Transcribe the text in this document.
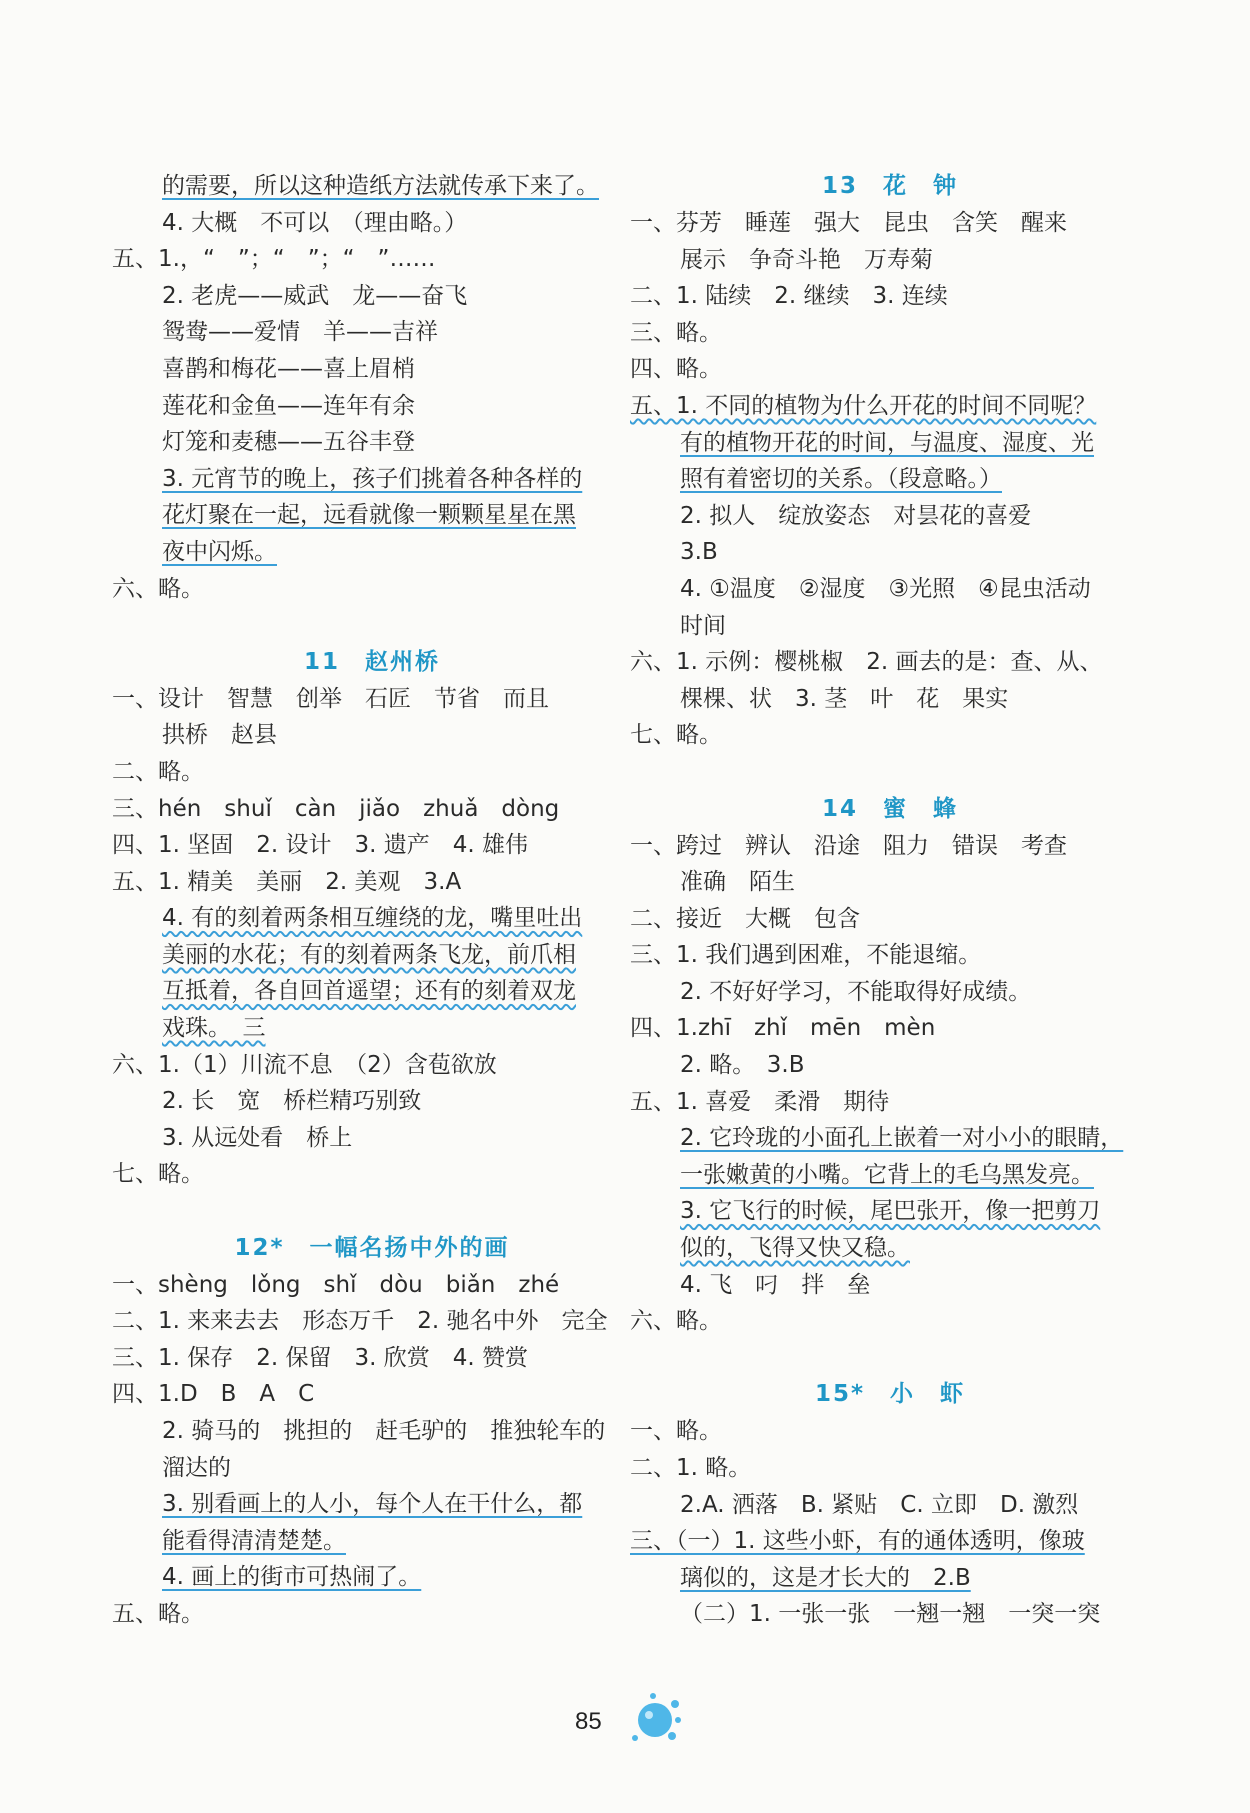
的需要，所以这种造纸方法就传承下来了。
4. 大概　不可以　（理由略。）
五、1.，“　”；“　”；“　”……
2. 老虎——威武　龙——奋飞
鸳鸯——爱情　羊——吉祥
喜鹊和梅花——喜上眉梢
莲花和金鱼——连年有余
灯笼和麦穗——五谷丰登
3. 元宵节的晚上，孩子们挑着各种各样的
花灯聚在一起，远看就像一颗颗星星在黑
夜中闪烁。
六、略。
11　赵州桥
一、设计　智慧　创举　石匠　节省　而且
拱桥　赵县
二、略。
三、hén　shuǐ　càn　jiǎo　zhuǎ　dòng
四、1. 坚固　2. 设计　3. 遗产　4. 雄伟
五、1. 精美　美丽　2. 美观　3.A
4. 有的刻着两条相互缠绕的龙，嘴里吐出
美丽的水花；有的刻着两条飞龙，前爪相
互抵着，各自回首遥望；还有的刻着双龙
戏珠。　三
六、1.（1）川流不息　（2）含苞欲放
2. 长　宽　桥栏精巧别致
3. 从远处看　桥上
七、略。
12*　一幅名扬中外的画
一、shèng　lǒng　shǐ　dòu　biǎn　zhé
二、1. 来来去去　形态万千　2. 驰名中外　完全
三、1. 保存　2. 保留　3. 欣赏　4. 赞赏
四、1.D　B　A　C
2. 骑马的　挑担的　赶毛驴的　推独轮车的
溜达的
3. 别看画上的人小，每个人在干什么，都
能看得清清楚楚。
4. 画上的街市可热闹了。
五、略。
13　花　钟
一、芬芳　睡莲　强大　昆虫　含笑　醒来
展示　争奇斗艳　万寿菊
二、1. 陆续　2. 继续　3. 连续
三、略。
四、略。
五、1. 不同的植物为什么开花的时间不同呢？
有的植物开花的时间，与温度、湿度、光
照有着密切的关系。（段意略。）
2. 拟人　绽放姿态　对昙花的喜爱
3.B
4. ①温度　②湿度　③光照　④昆虫活动
时间
六、1. 示例：樱桃椒　2. 画去的是：查、从、
棵棵、状　3. 茎　叶　花　果实
七、略。
14　蜜　蜂
一、跨过　辨认　沿途　阻力　错误　考查
准确　陌生
二、接近　大概　包含
三、1. 我们遇到困难，不能退缩。
2. 不好好学习，不能取得好成绩。
四、1.zhī　zhǐ　mēn　mèn
2. 略。　3.B
五、1. 喜爱　柔滑　期待
2. 它玲珑的小面孔上嵌着一对小小的眼睛，
一张嫩黄的小嘴。它背上的毛乌黑发亮。
3. 它飞行的时候，尾巴张开，像一把剪刀
似的，飞得又快又稳。
4. 飞　叼　拌　垒
六、略。
15*　小　虾
一、略。
二、1. 略。
2.A. 洒落　B. 紧贴　C. 立即　D. 激烈
三、（一）1. 这些小虾，有的通体透明，像玻
璃似的，这是才长大的　2.B
（二）1. 一张一张　一翘一翘　一突一突
85
